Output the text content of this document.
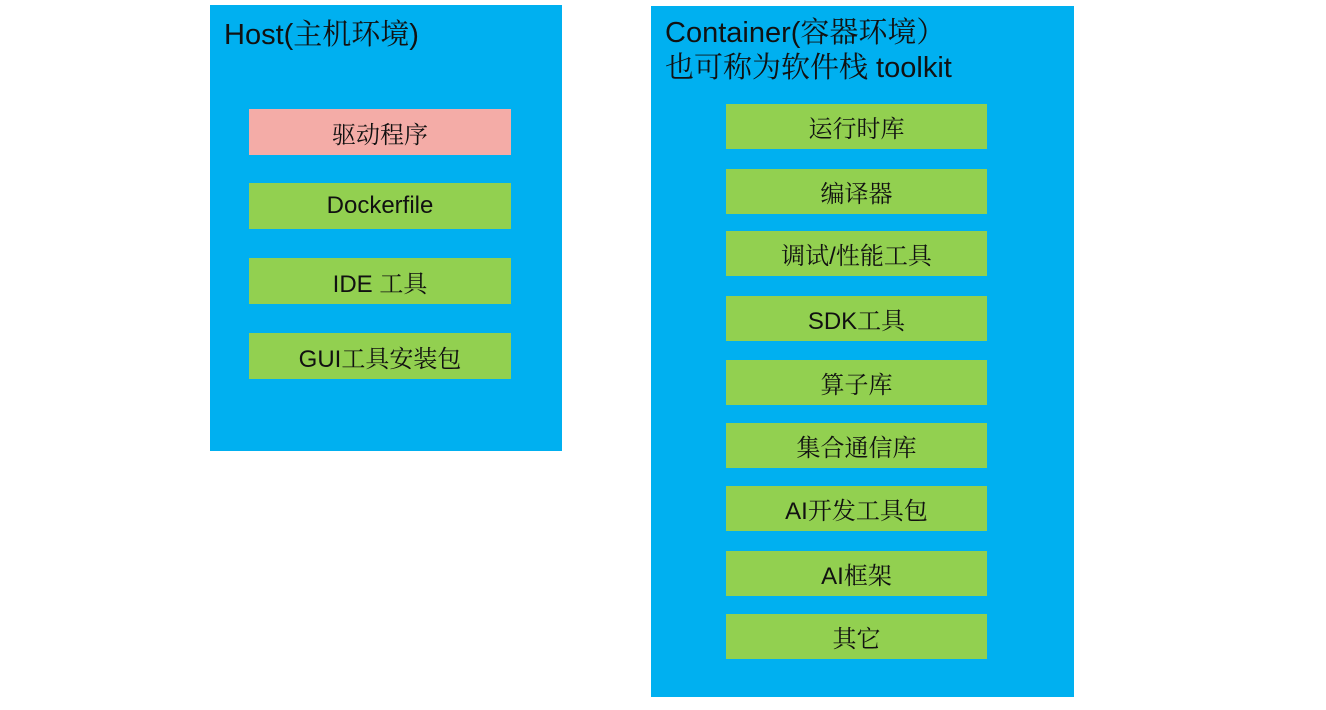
Host(主机环境)
驱动程序
Dockerfile
IDE 工具
GUI工具安装包
Container(容器环境）
也可称为软件栈 toolkit
运行时库
编译器
调试/性能工具
SDK工具
算子库
集合通信库
AI开发工具包
AI框架
其它
